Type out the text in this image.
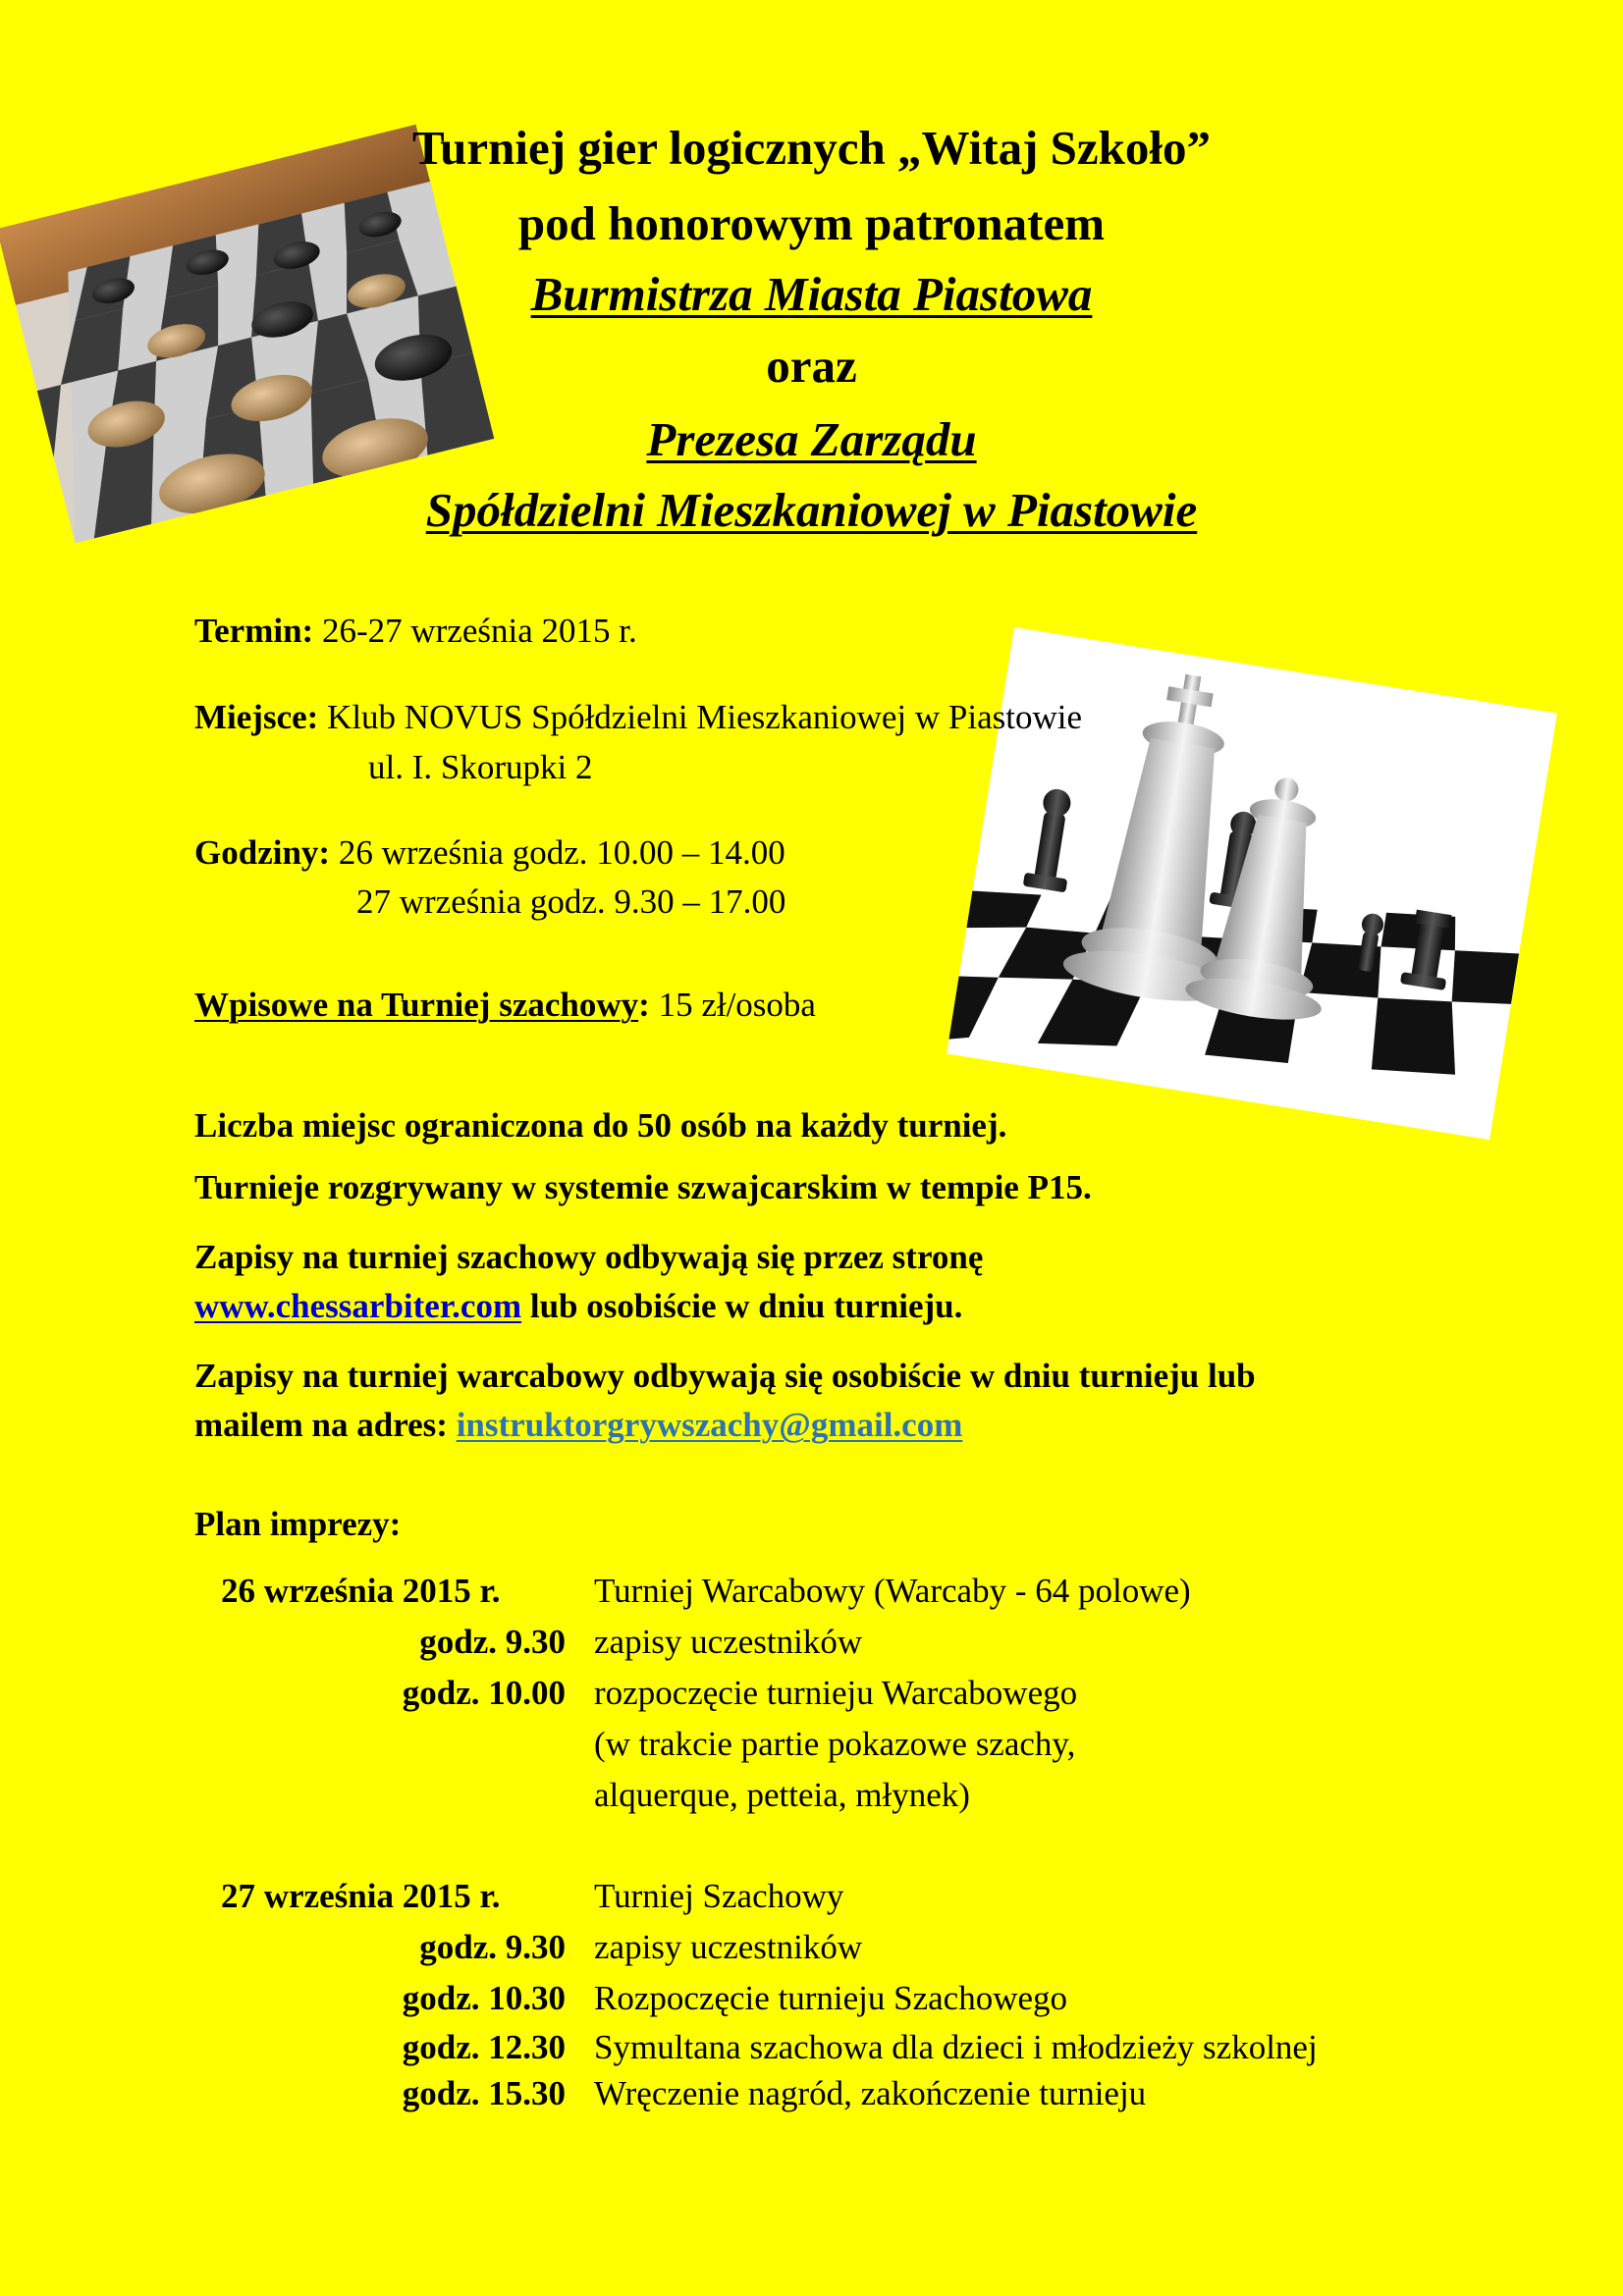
Turniej gier logicznych „Witaj Szkoło”
pod honorowym patronatem
Burmistrza Miasta Piastowa
oraz
Prezesa Zarządu
Spółdzielni Mieszkaniowej w Piastowie
Termin: 26-27 września 2015 r.
Miejsce: Klub NOVUS Spółdzielni Mieszkaniowej w Piastowie
ul. I. Skorupki 2
Godziny: 26 września godz. 10.00 – 14.00
27 września godz. 9.30 – 17.00
Wpisowe na Turniej szachowy: 15 zł/osoba
Liczba miejsc ograniczona do 50 osób na każdy turniej.
Turnieje rozgrywany w systemie szwajcarskim w tempie P15.
Zapisy na turniej szachowy odbywają się przez stronę
www.chessarbiter.com lub osobiście w dniu turnieju.
Zapisy na turniej warcabowy odbywają się osobiście w dniu turnieju lub
mailem na adres: instruktorgrywszachy@gmail.com
Plan imprezy:
26 września 2015 r.	Turniej Warcabowy (Warcaby - 64 polowe)
godz. 9.30 zapisy uczestników
godz. 10.00 rozpoczęcie turnieju Warcabowego
(w trakcie partie pokazowe szachy,
alquerque, petteia, młynek)
27 września 2015 r.	Turniej Szachowy
godz. 9.30 zapisy uczestników
godz. 10.30 Rozpoczęcie turnieju Szachowego
godz. 12.30 Symultana szachowa dla dzieci i młodzieży szkolnej
godz. 15.30 Wręczenie nagród, zakończenie turnieju
